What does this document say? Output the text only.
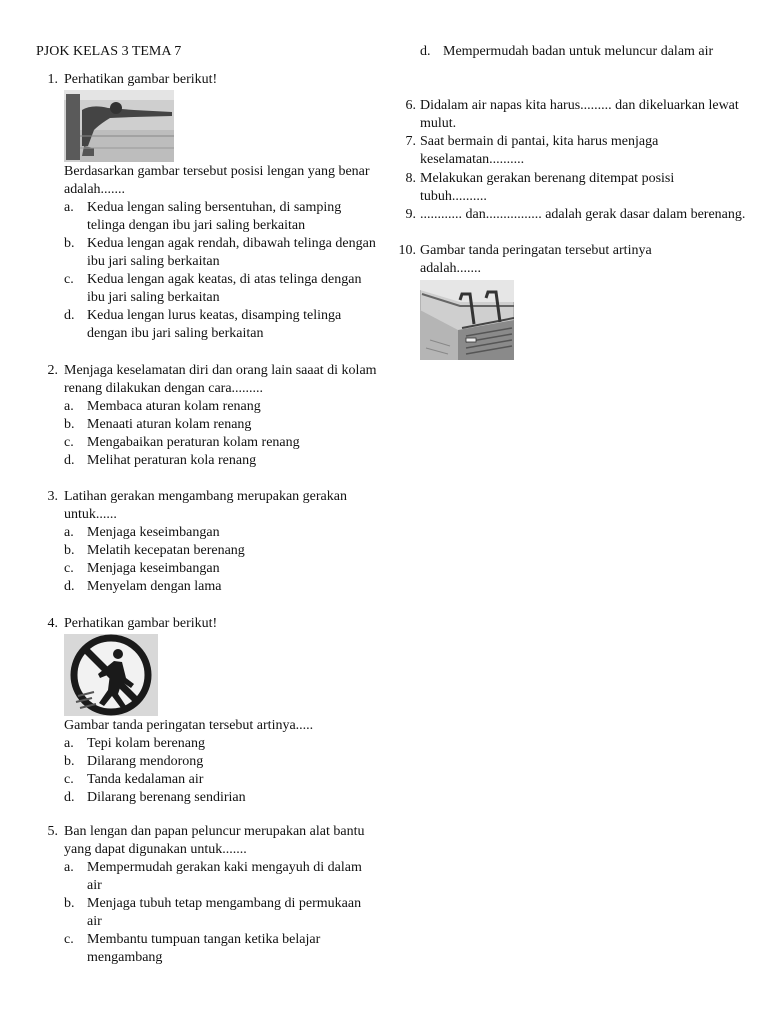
PJOK KELAS 3 TEMA 7
1. Perhatikan gambar berikut!
Berdasarkan gambar tersebut posisi lengan yang benar adalah.......
a. Kedua lengan saling bersentuhan, di samping telinga dengan ibu jari saling berkaitan
b. Kedua lengan agak rendah, dibawah telinga dengan ibu jari saling berkaitan
c. Kedua lengan agak keatas, di atas telinga dengan ibu jari saling berkaitan
d. Kedua lengan lurus keatas, disamping telinga dengan ibu jari saling berkaitan
2. Menjaga keselamatan diri dan orang lain saaat di kolam renang dilakukan dengan cara.........
a. Membaca aturan kolam renang
b. Menaati aturan kolam renang
c. Mengabaikan peraturan kolam renang
d. Melihat peraturan kola renang
3. Latihan gerakan mengambang merupakan gerakan untuk......
a. Menjaga keseimbangan
b. Melatih kecepatan berenang
c. Menjaga keseimbangan
d. Menyelam dengan lama
4. Perhatikan gambar berikut!
Gambar tanda peringatan tersebut artinya.....
a. Tepi kolam berenang
b. Dilarang mendorong
c. Tanda kedalaman air
d. Dilarang berenang sendirian
5. Ban lengan dan papan peluncur merupakan alat bantu yang dapat digunakan untuk.......
a. Mempermudah gerakan kaki mengayuh di dalam air
b. Menjaga tubuh tetap mengambang di permukaan air
c. Membantu tumpuan tangan ketika belajar mengambang
d. Mempermudah badan untuk meluncur dalam air
6. Didalam air napas kita harus......... dan dikeluarkan lewat mulut.
7. Saat bermain di pantai, kita harus menjaga keselamatan..........
8. Melakukan gerakan berenang ditempat posisi tubuh..........
9. ............ dan................ adalah gerak dasar dalam berenang.
10. Gambar tanda peringatan tersebut artinya adalah.......
